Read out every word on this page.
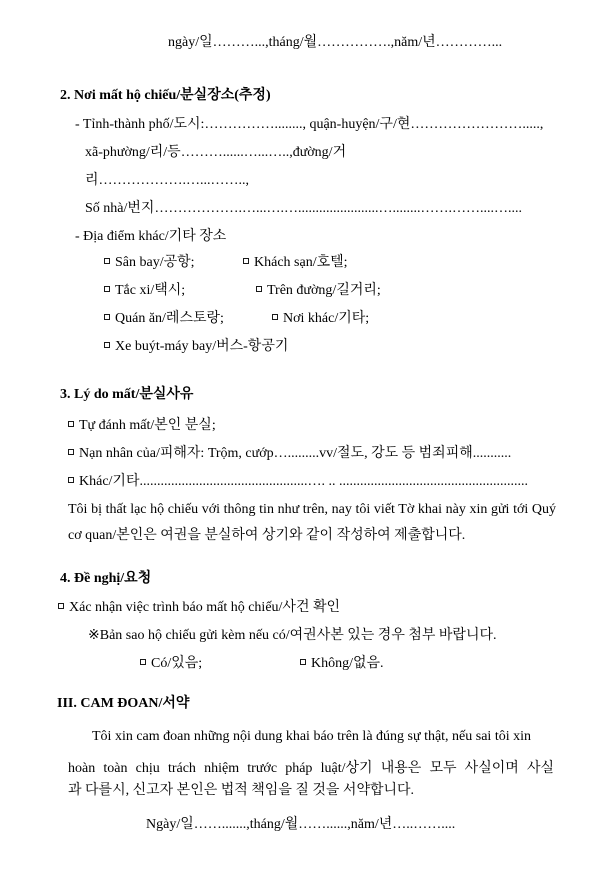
ngày/일………...,tháng/월…………….,năm/년…………...
2. Nơi mất hộ chiếu/분실장소(추정)
- Tỉnh-thành phố/도시:……………........, quận-huyện/구/현…………………….....,
xã-phường/리/등………......…...…..,đường/거
리……………….…...……..,
Số nhà/번지……………….…...….….......................…........…….……....…....
- Địa điểm khác/기타 장소
Sân bay/공항;	Khách sạn/호텔;
Tắc xi/택시;	Trên đường/길거리;
Quán ăn/레스토랑;	Nơi khác/기타;
Xe buýt-máy bay/버스-항공기
3. Lý do mất/분실사유
Tự đánh mất/본인 분실;
Nạn nhân của/피해자: Trộm, cướp….........vv/절도, 강도 등 범죄피해...........
Khác/기타................................................…. .. ......................................................
Tôi bị thất lạc hộ chiếu với thông tin như trên, nay tôi viết Tờ khai này xin gửi tới Quý cơ quan/본인은 여권을 분실하여 상기와 같이 작성하여 제출합니다.
4. Đề nghị/요청
Xác nhận việc trình báo mất hộ chiếu/사건 확인
※Bản sao hộ chiếu gửi kèm nếu có/여권사본 있는 경우 첨부 바랍니다.
Có/있음;	Không/없음.
III. CAM ĐOAN/서약
Tôi xin cam đoan những nội dung khai báo trên là đúng sự thật, nếu sai tôi xin
hoàn toàn chịu trách nhiệm trước pháp luật/상기 내용은 모두 사실이며 사실
과 다를시, 신고자 본인은 법적 책임을 질 것을 서약합니다.
Ngày/일…….......,tháng/월……......,năm/년…..……....
